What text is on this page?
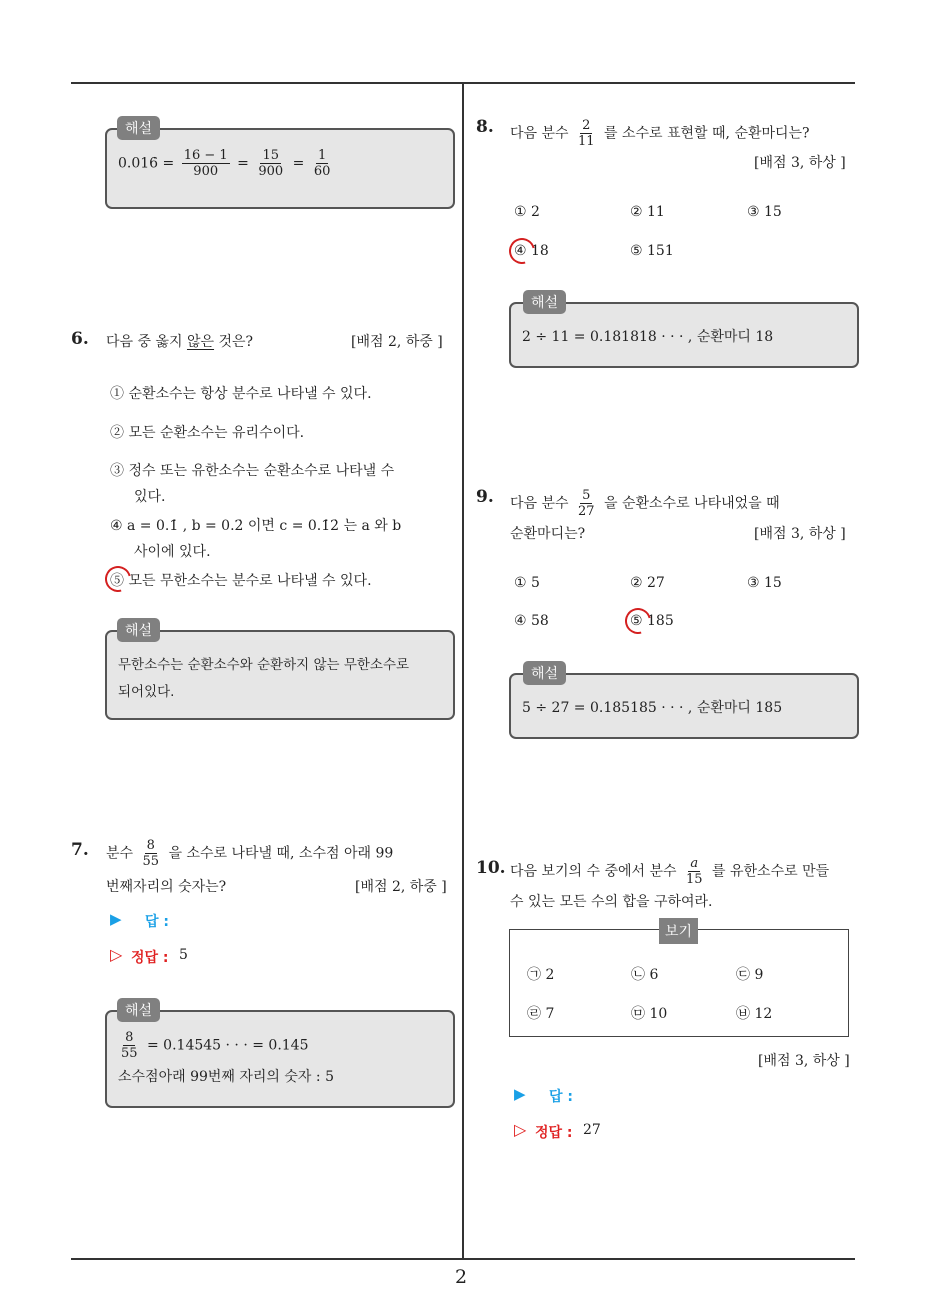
2
해설
0.016̇ = $\frac{16 - 1}{900} = \frac{15}{900} = \frac{1}{60}$
6. 다음 중 옳지 않은 것은?	[배점 2, 하중 ]
① 순환소수는 항상 분수로 나타낼 수 있다.
② 모든 순환소수는 유리수이다.
③ 정수 또는 유한소수는 순환소수로 나타낼 수
있다.
④ a = 0.1̇ , b = 0.2̇ 이면 c = 0.1̇2̇ 는 a 와 b
사이에 있다.
⑤ 모든 무한소수는 분수로 나타낼 수 있다.
해설
무한소수는 순환소수와 순환하지 않는 무한소수로
되어있다.
7. 분수 $\frac{8}{55}$ 을 소수로 나타낼 때, 소수점 아래 99
번째자리의 숫자는?	[배점 2, 하중 ]
▶ 답 :
▷ 정답 : 5
해설
$\frac{8}{55} = 0.14545$ · · · = 0.14̇5̇
소수점아래 99번째 자리의 숫자 : 5
8. 다음 분수 $\frac{2}{11}$ 를 소수로 표현할 때, 순환마디는?
[배점 3, 하상 ]
① 2	② 11	③ 15
④ 18	⑤ 151
해설
2 ÷ 11 = 0.181818 · · · , 순환마디 18
9. 다음 분수 $\frac{5}{27}$ 을 순환소수로 나타내었을 때
순환마디는?	[배점 3, 하상 ]
① 5	② 27	③ 15
④ 58	⑤ 185
해설
5 ÷ 27 = 0.185185 · · · , 순환마디 185
10. 다음 보기의 수 중에서 분수 $\frac{a}{15}$ 를 유한소수로 만들
수 있는 모든 수의 합을 구하여라.
보기
㉠ 2	㉡ 6	㉢ 9
㉣ 7	㉤ 10	㉥ 12
[배점 3, 하상 ]
▶ 답 :
▷ 정답 : 27
